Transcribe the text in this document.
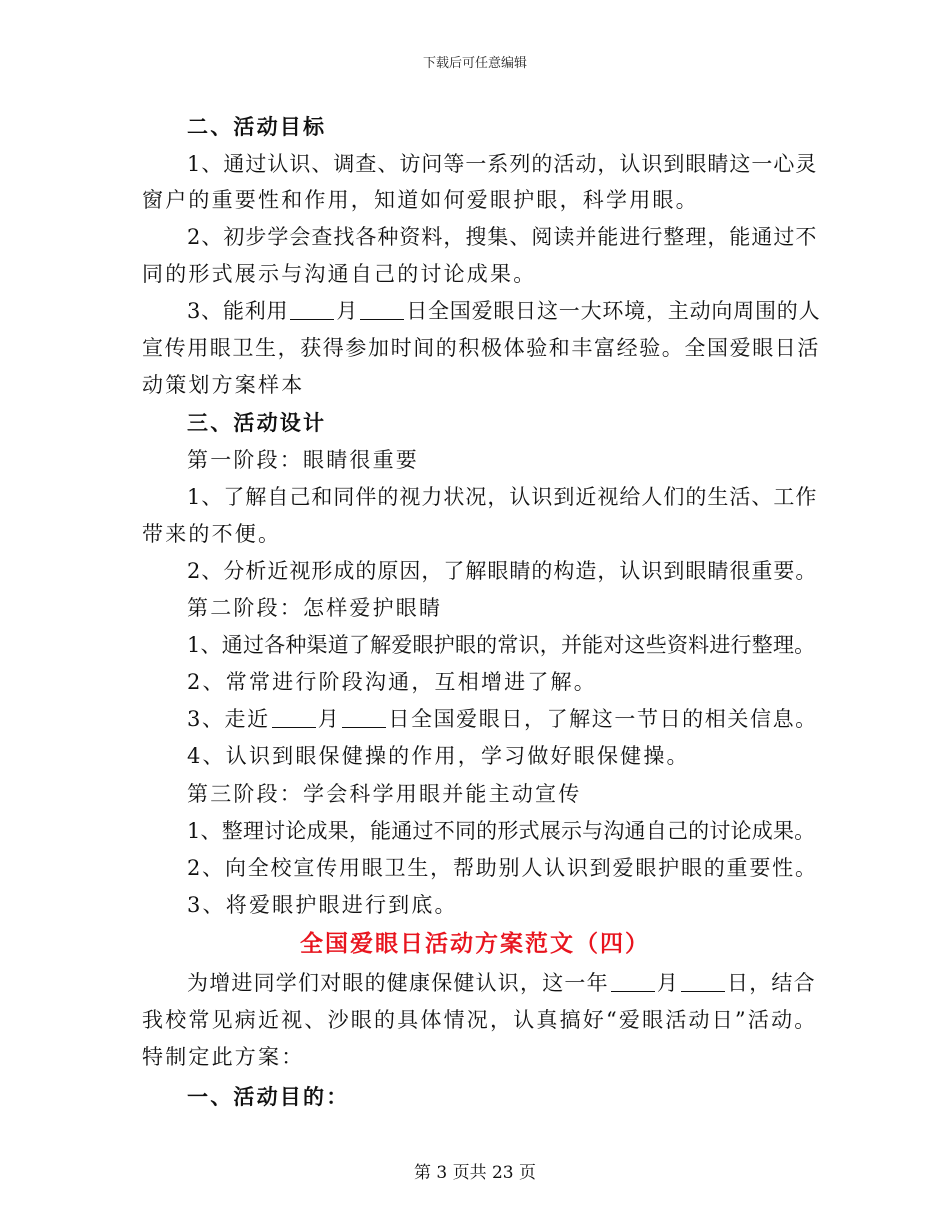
下载后可任意编辑

二、活动目标

1、通过认识、调查、访问等一系列的活动，认识到眼睛这一心灵

窗户的重要性和作用，知道如何爱眼护眼，科学用眼。

2、初步学会查找各种资料，搜集、阅读并能进行整理，能通过不

同的形式展示与沟通自己的讨论成果。

3、能利用 月 日全国爱眼日这一大环境，主动向周围的人

宣传用眼卫生，获得参加时间的积极体验和丰富经验。全国爱眼日活

动策划方案样本

三、活动设计

第一阶段：眼睛很重要

1、了解自己和同伴的视力状况，认识到近视给人们的生活、工作

带来的不便。

2、分析近视形成的原因，了解眼睛的构造，认识到眼睛很重要。

第二阶段：怎样爱护眼睛

1、通过各种渠道了解爱眼护眼的常识，并能对这些资料进行整理。

2、常常进行阶段沟通，互相增进了解。

3、走近 月 日全国爱眼日，了解这一节日的相关信息。

4、认识到眼保健操的作用，学习做好眼保健操。

第三阶段：学会科学用眼并能主动宣传

1、整理讨论成果，能通过不同的形式展示与沟通自己的讨论成果。

2、向全校宣传用眼卫生，帮助别人认识到爱眼护眼的重要性。

3、将爱眼护眼进行到底。

全国爱眼日活动方案范文（四）

为增进同学们对眼的健康保健认识，这一年 月 日，结合

我校常见病近视、沙眼的具体情况，认真搞好“爱眼活动日”活动。

特制定此方案：

一、活动目的：

第 3 页共 23 页
